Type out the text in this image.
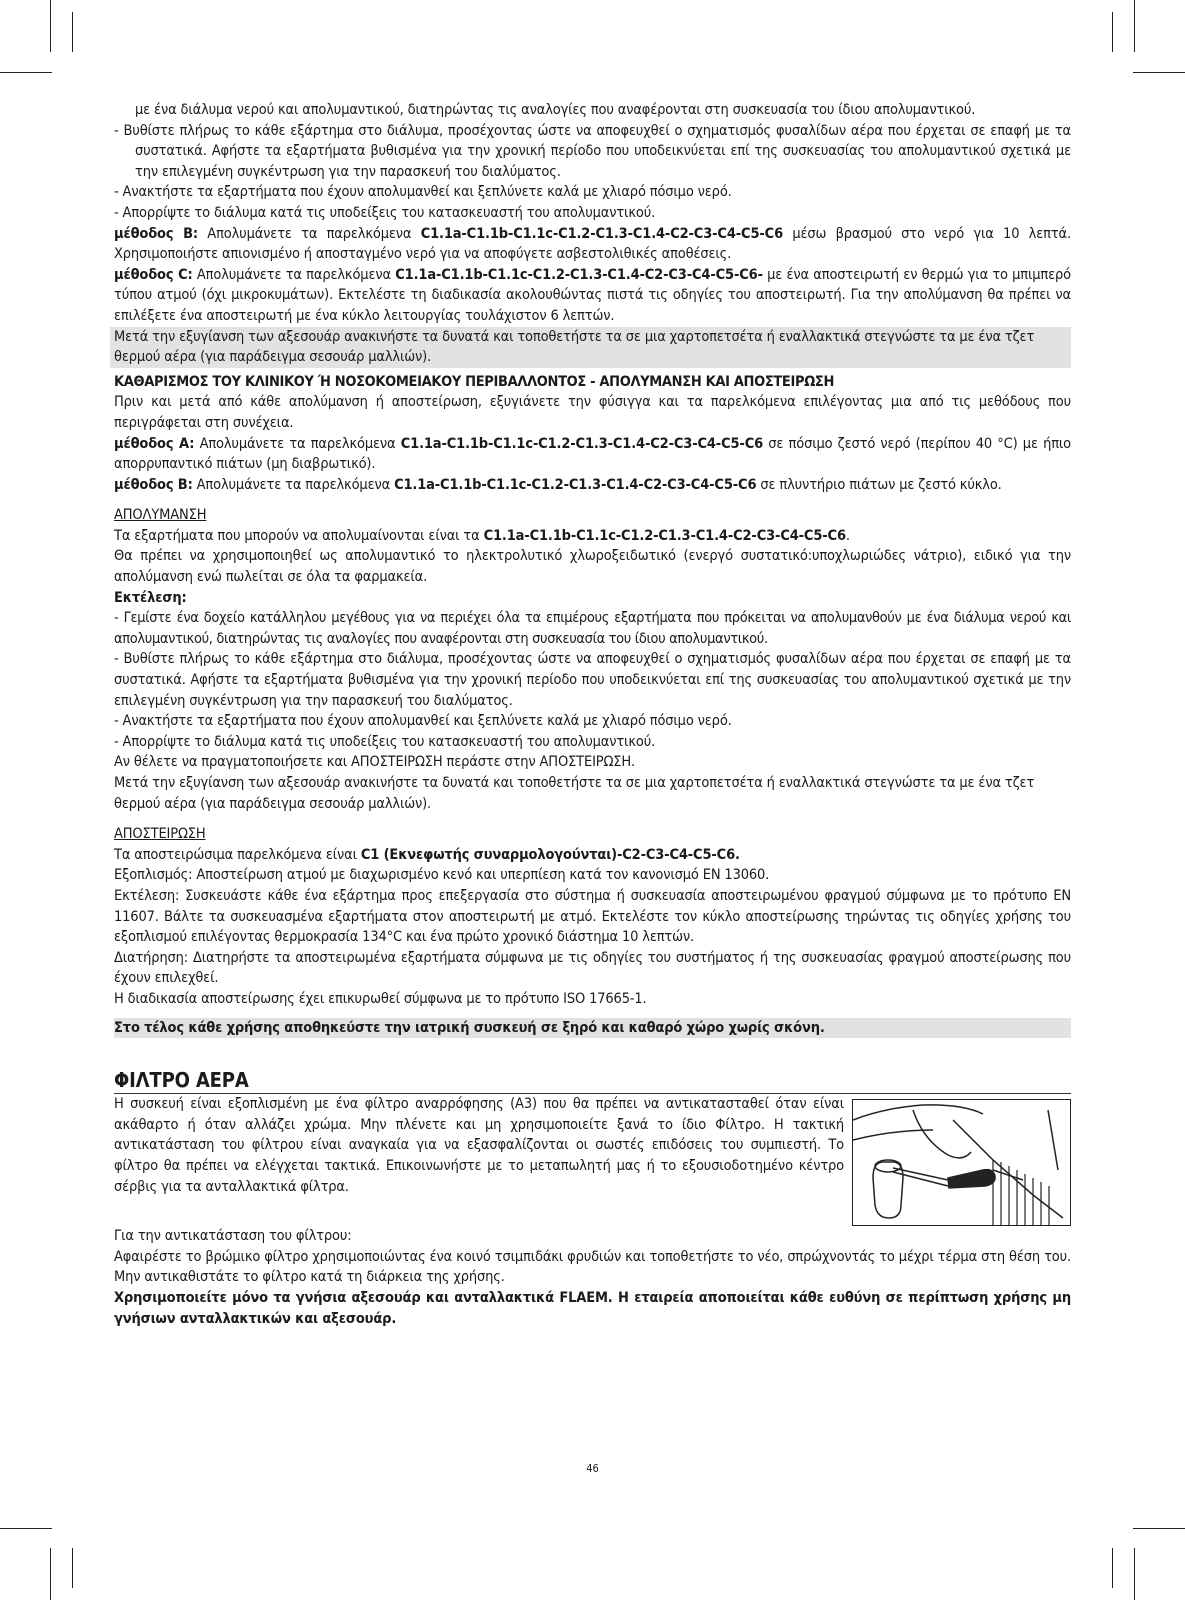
με ένα διάλυμα νερού και απολυμαντικού, διατηρώντας τις αναλογίες που αναφέρονται στη συσκευασία του ίδιου απολυμαντικού.

- Βυθίστε πλήρως το κάθε εξάρτημα στο διάλυμα, προσέχοντας ώστε να αποφευχθεί ο σχηματισμός φυσαλίδων αέρα που έρχεται σε επαφή με τα συστατικά. Αφήστε τα εξαρτήματα βυθισμένα για την χρονική περίοδο που υποδεικνύεται επί της συσκευασίας του απολυμαντικού σχετικά με την επιλεγμένη συγκέντρωση για την παρασκευή του διαλύματος.

- Ανακτήστε τα εξαρτήματα που έχουν απολυμανθεί και ξεπλύνετε καλά με χλιαρό πόσιμο νερό.

- Απορρίψτε το διάλυμα κατά τις υποδείξεις του κατασκευαστή του απολυμαντικού.

μέθοδος B: Απολυμάνετε τα παρελκόμενα C1.1a-C1.1b-C1.1c-C1.2-C1.3-C1.4-C2-C3-C4-C5-C6 μέσω βρασμού στο νερό για 10 λεπτά. Χρησιμοποιήστε απιονισμένο ή αποσταγμένο νερό για να αποφύγετε ασβεστολιθικές αποθέσεις.

μέθοδος C: Απολυμάνετε τα παρελκόμενα C1.1a-C1.1b-C1.1c-C1.2-C1.3-C1.4-C2-C3-C4-C5-C6- με ένα αποστειρωτή εν θερμώ για το μπιμπερό τύπου ατμού (όχι μικροκυμάτων). Εκτελέστε τη διαδικασία ακολουθώντας πιστά τις οδηγίες του αποστειρωτή. Για την απολύμανση θα πρέπει να επιλέξετε ένα αποστειρωτή με ένα κύκλο λειτουργίας τουλάχιστον 6 λεπτών.

Μετά την εξυγίανση των αξεσουάρ ανακινήστε τα δυνατά και τοποθετήστε τα σε μια χαρτοπετσέτα ή εναλλακτικά στεγνώστε τα με ένα τζετ θερμού αέρα (για παράδειγμα σεσουάρ μαλλιών).

ΚΑΘΑΡΙΣΜΟΣ ΤΟΥ ΚΛΙΝΙΚΟΥ Ή ΝΟΣΟΚΟΜΕΙΑΚΟΥ ΠΕΡΙΒΑΛΛΟΝΤΟΣ - ΑΠΟΛΥΜΑΝΣΗ ΚΑΙ ΑΠΟΣΤΕΙΡΩΣΗ

Πριν και μετά από κάθε απολύμανση ή αποστείρωση, εξυγιάνετε την φύσιγγα και τα παρελκόμενα επιλέγοντας μια από τις μεθόδους που περιγράφεται στη συνέχεια.

μέθοδος A: Απολυμάνετε τα παρελκόμενα C1.1a-C1.1b-C1.1c-C1.2-C1.3-C1.4-C2-C3-C4-C5-C6 σε πόσιμο ζεστό νερό (περίπου 40 °C) με ήπιο απορρυπαντικό πιάτων (μη διαβρωτικό).

μέθοδος B: Απολυμάνετε τα παρελκόμενα C1.1a-C1.1b-C1.1c-C1.2-C1.3-C1.4-C2-C3-C4-C5-C6 σε πλυντήριο πιάτων με ζεστό κύκλο.

ΑΠΟΛΥΜΑΝΣΗ

Τα εξαρτήματα που μπορούν να απολυμαίνονται είναι τα C1.1a-C1.1b-C1.1c-C1.2-C1.3-C1.4-C2-C3-C4-C5-C6.

Θα πρέπει να χρησιμοποιηθεί ως απολυμαντικό το ηλεκτρολυτικό χλωροξειδωτικό (ενεργό συστατικό:υποχλωριώδες νάτριο), ειδικό για την απολύμανση ενώ πωλείται σε όλα τα φαρμακεία.

Εκτέλεση:

- Γεμίστε ένα δοχείο κατάλληλου μεγέθους για να περιέχει όλα τα επιμέρους εξαρτήματα που πρόκειται να απολυμανθούν με ένα διάλυμα νερού και απολυμαντικού, διατηρώντας τις αναλογίες που αναφέρονται στη συσκευασία του ίδιου απολυμαντικού.

- Βυθίστε πλήρως το κάθε εξάρτημα στο διάλυμα, προσέχοντας ώστε να αποφευχθεί ο σχηματισμός φυσαλίδων αέρα που έρχεται σε επαφή με τα συστατικά. Αφήστε τα εξαρτήματα βυθισμένα για την χρονική περίοδο που υποδεικνύεται επί της συσκευασίας του απολυμαντικού σχετικά με την επιλεγμένη συγκέντρωση για την παρασκευή του διαλύματος.

- Ανακτήστε τα εξαρτήματα που έχουν απολυμανθεί και ξεπλύνετε καλά με χλιαρό πόσιμο νερό.

- Απορρίψτε το διάλυμα κατά τις υποδείξεις του κατασκευαστή του απολυμαντικού.

Αν θέλετε να πραγματοποιήσετε και ΑΠΟΣΤΕΙΡΩΣΗ περάστε στην ΑΠΟΣΤΕΙΡΩΣΗ.

Μετά την εξυγίανση των αξεσουάρ ανακινήστε τα δυνατά και τοποθετήστε τα σε μια χαρτοπετσέτα ή εναλλακτικά στεγνώστε τα με ένα τζετ θερμού αέρα (για παράδειγμα σεσουάρ μαλλιών).

ΑΠΟΣΤΕΙΡΩΣΗ

Τα αποστειρώσιμα παρελκόμενα είναι C1 (Εκνεφωτής συναρμολογούνται)-C2-C3-C4-C5-C6.

Εξοπλισμός: Αποστείρωση ατμού με διαχωρισμένο κενό και υπερπίεση κατά τον κανονισμό EN 13060.

Εκτέλεση: Συσκευάστε κάθε ένα εξάρτημα προς επεξεργασία στο σύστημα ή συσκευασία αποστειρωμένου φραγμού σύμφωνα με το πρότυπο EN 11607. Βάλτε τα συσκευασμένα εξαρτήματα στον αποστειρωτή με ατμό. Εκτελέστε τον κύκλο αποστείρωσης τηρώντας τις οδηγίες χρήσης του εξοπλισμού επιλέγοντας θερμοκρασία 134°C και ένα πρώτο χρονικό διάστημα 10 λεπτών.

Διατήρηση: Διατηρήστε τα αποστειρωμένα εξαρτήματα σύμφωνα με τις οδηγίες του συστήματος ή της συσκευασίας φραγμού αποστείρωσης που έχουν επιλεχθεί.

Η διαδικασία αποστείρωσης έχει επικυρωθεί σύμφωνα με το πρότυπο ISO 17665-1.

Στο τέλος κάθε χρήσης αποθηκεύστε την ιατρική συσκευή σε ξηρό και καθαρό χώρο χωρίς σκόνη.

ΦΙΛΤΡΟ ΑΕΡΑ

Η συσκευή είναι εξοπλισμένη με ένα φίλτρο αναρρόφησης (A3) που θα πρέπει να αντικατασταθεί όταν είναι ακάθαρτο ή όταν αλλάζει χρώμα. Μην πλένετε και μη χρησιμοποιείτε ξανά το ίδιο Φίλτρο. Η τακτική αντικατάσταση του φίλτρου είναι αναγκαία για να εξασφαλίζονται οι σωστές επιδόσεις του συμπιεστή. Το φίλτρο θα πρέπει να ελέγχεται τακτικά. Επικοινωνήστε με το μεταπωλητή μας ή το εξουσιοδοτημένο κέντρο σέρβις για τα ανταλλακτικά φίλτρα.

Για την αντικατάσταση του φίλτρου:

Αφαιρέστε το βρώμικο φίλτρο χρησιμοποιώντας ένα κοινό τσιμπιδάκι φρυδιών και τοποθετήστε το νέο, σπρώχνοντάς το μέχρι τέρμα στη θέση του. Μην αντικαθιστάτε το φίλτρο κατά τη διάρκεια της χρήσης.

Χρησιμοποιείτε μόνο τα γνήσια αξεσουάρ και ανταλλακτικά FLAEM. Η εταιρεία αποποιείται κάθε ευθύνη σε περίπτωση χρήσης μη γνήσιων ανταλλακτικών και αξεσουάρ.

46
